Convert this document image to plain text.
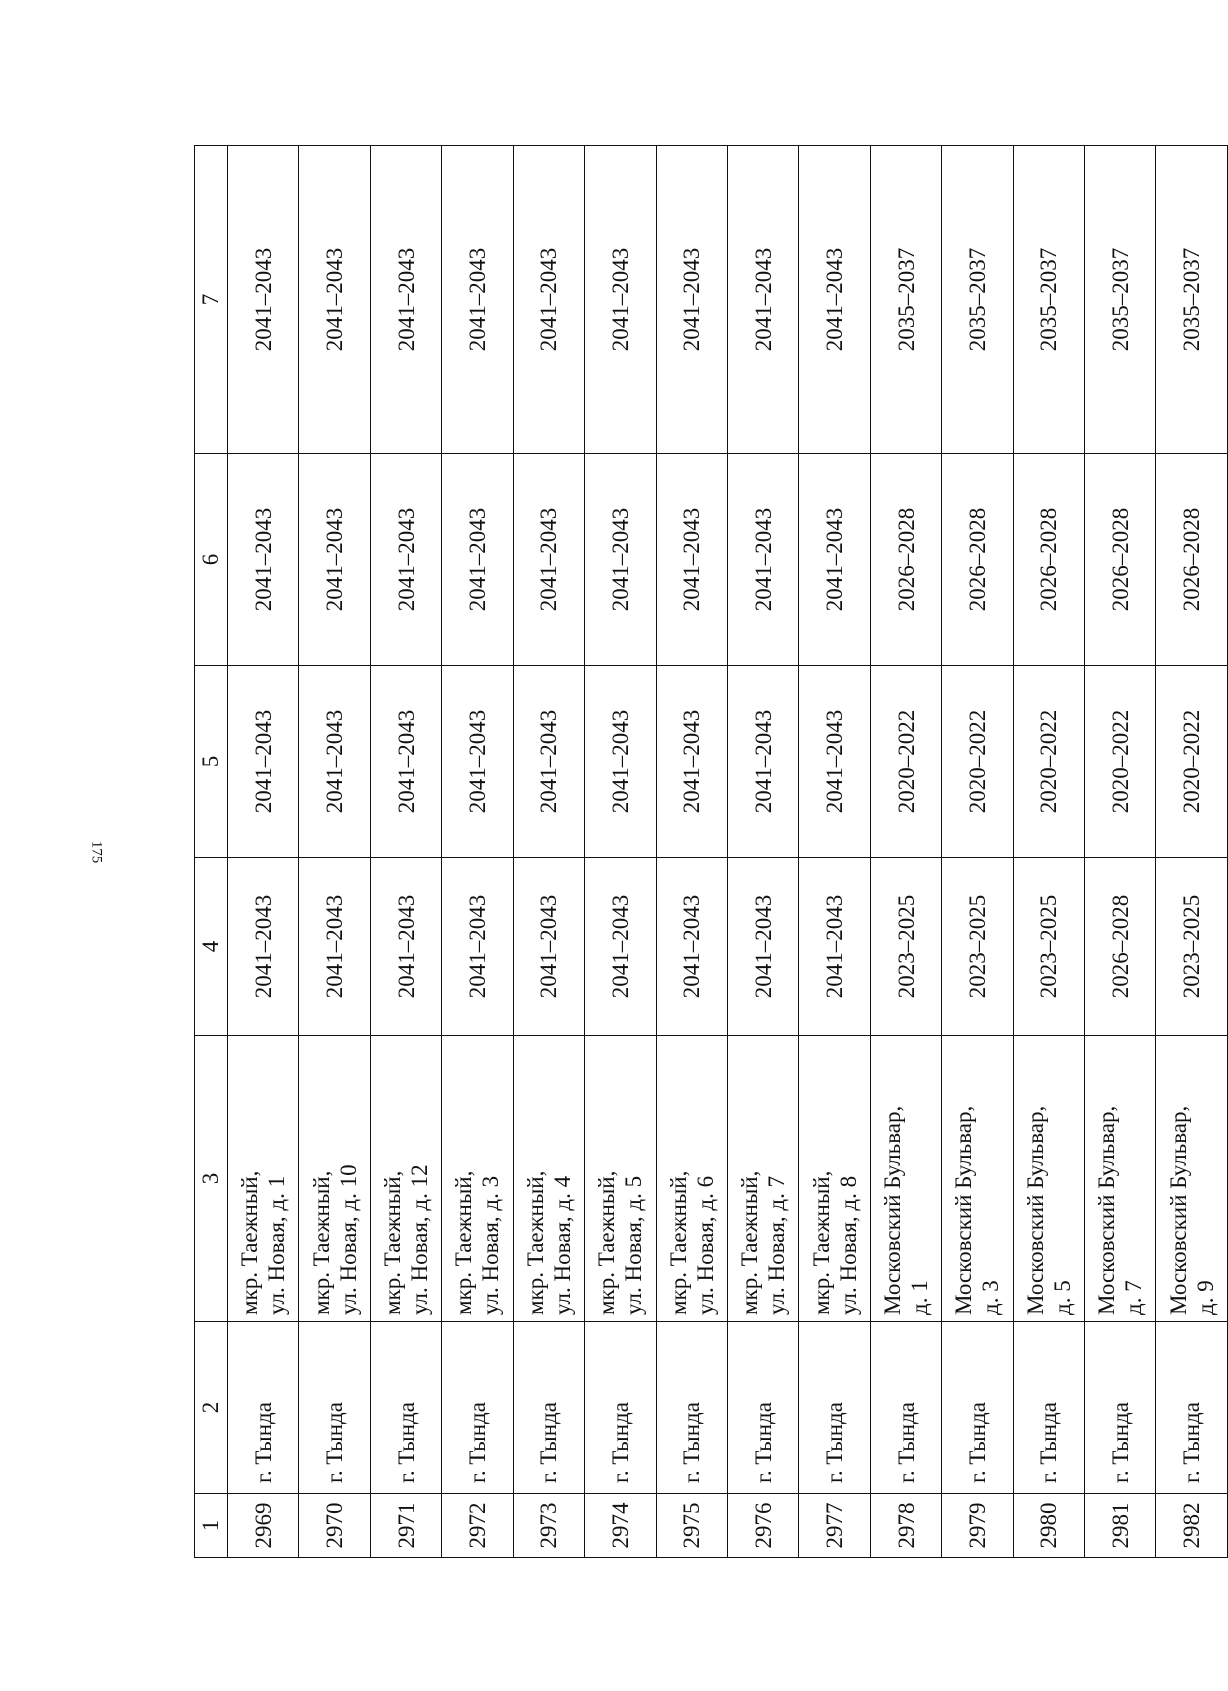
175
1	2	3	4	5	6	7
2969	г. Тында	мкр. Таежный, ул. Новая, д. 1	2041–2043	2041–2043	2041–2043	2041–2043
2970	г. Тында	мкр. Таежный, ул. Новая, д. 10	2041–2043	2041–2043	2041–2043	2041–2043
2971	г. Тында	мкр. Таежный, ул. Новая, д. 12	2041–2043	2041–2043	2041–2043	2041–2043
2972	г. Тында	мкр. Таежный, ул. Новая, д. 3	2041–2043	2041–2043	2041–2043	2041–2043
2973	г. Тында	мкр. Таежный, ул. Новая, д. 4	2041–2043	2041–2043	2041–2043	2041–2043
2974	г. Тында	мкр. Таежный, ул. Новая, д. 5	2041–2043	2041–2043	2041–2043	2041–2043
2975	г. Тында	мкр. Таежный, ул. Новая, д. 6	2041–2043	2041–2043	2041–2043	2041–2043
2976	г. Тында	мкр. Таежный, ул. Новая, д. 7	2041–2043	2041–2043	2041–2043	2041–2043
2977	г. Тында	мкр. Таежный, ул. Новая, д. 8	2041–2043	2041–2043	2041–2043	2041–2043
2978	г. Тында	Московский Бульвар, д. 1	2023–2025	2020–2022	2026–2028	2035–2037
2979	г. Тында	Московский Бульвар, д. 3	2023–2025	2020–2022	2026–2028	2035–2037
2980	г. Тында	Московский Бульвар, д. 5	2023–2025	2020–2022	2026–2028	2035–2037
2981	г. Тында	Московский Бульвар, д. 7	2026–2028	2020–2022	2026–2028	2035–2037
2982	г. Тында	Московский Бульвар, д. 9	2023–2025	2020–2022	2026–2028	2035–2037
